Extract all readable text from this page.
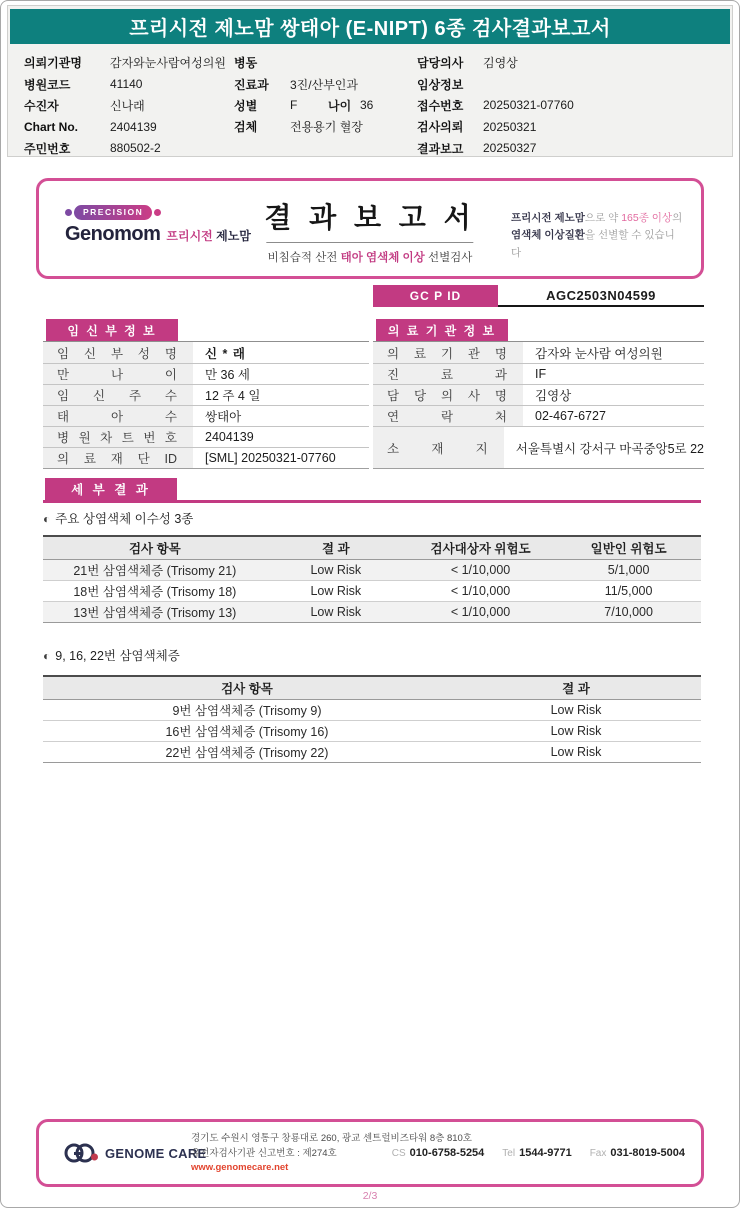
프리시전 제노맘 쌍태아 (E-NIPT) 6종 검사결과보고서
의뢰기관명	감자와눈사람여성의원
병원코드	41140
수진자	신나래
Chart No.	2404139
주민번호	880502-2
병동
진료과	3진/산부인과
성별	F	나이 36
검체	전용용기 혈장
담당의사	김영상
임상정보
접수번호	20250321-07760
검사의뢰	20250321
결과보고	20250327
PRECISION
Genomom 프리시전 제노맘
결 과 보 고 서
비침습적 산전 태아 염색체 이상 선별검사
프리시전 제노맘으로 약 165종 이상의 염색체 이상질환을 선별할 수 있습니다
GC P ID	AGC2503N04599
임 신 부 정 보
임 신 부 성 명	신 * 래
만 나 이	만 36 세
임 신 주 수	12 주 4 일
태 아 수	쌍태아
병 원 차 트 번 호	2404139
의 료 재 단 ID	[SML] 20250321-07760
의 료 기 관 정 보
의 료 기 관 명	감자와 눈사람 여성의원
진 료 과	IF
담 당 의 사 명	김영상
연 락 처	02-467-6727
소 재 지	서울특별시 강서구 마곡중앙5로 22
세 부 결 과
◐ 주요 상염색체 이수성 3종
검사 항목	결 과	검사대상자 위험도	일반인 위험도
21번 삼염색체증 (Trisomy 21)	Low Risk	< 1/10,000	5/1,000
18번 삼염색체증 (Trisomy 18)	Low Risk	< 1/10,000	11/5,000
13번 삼염색체증 (Trisomy 13)	Low Risk	< 1/10,000	7/10,000
◐ 9, 16, 22번 삼염색체증
검사 항목	결 과
9번 삼염색체증 (Trisomy 9)	Low Risk
16번 삼염색체증 (Trisomy 16)	Low Risk
22번 삼염색체증 (Trisomy 22)	Low Risk
GENOME CARE
경기도 수원시 영통구 창룡대로 260, 광교 센트럴비즈타워 8층 810호
유전자검사기관 신고번호 : 제274호
www.genomecare.net
CS 010-6758-5254 Tel 1544-9771 Fax 031-8019-5004
2/3
